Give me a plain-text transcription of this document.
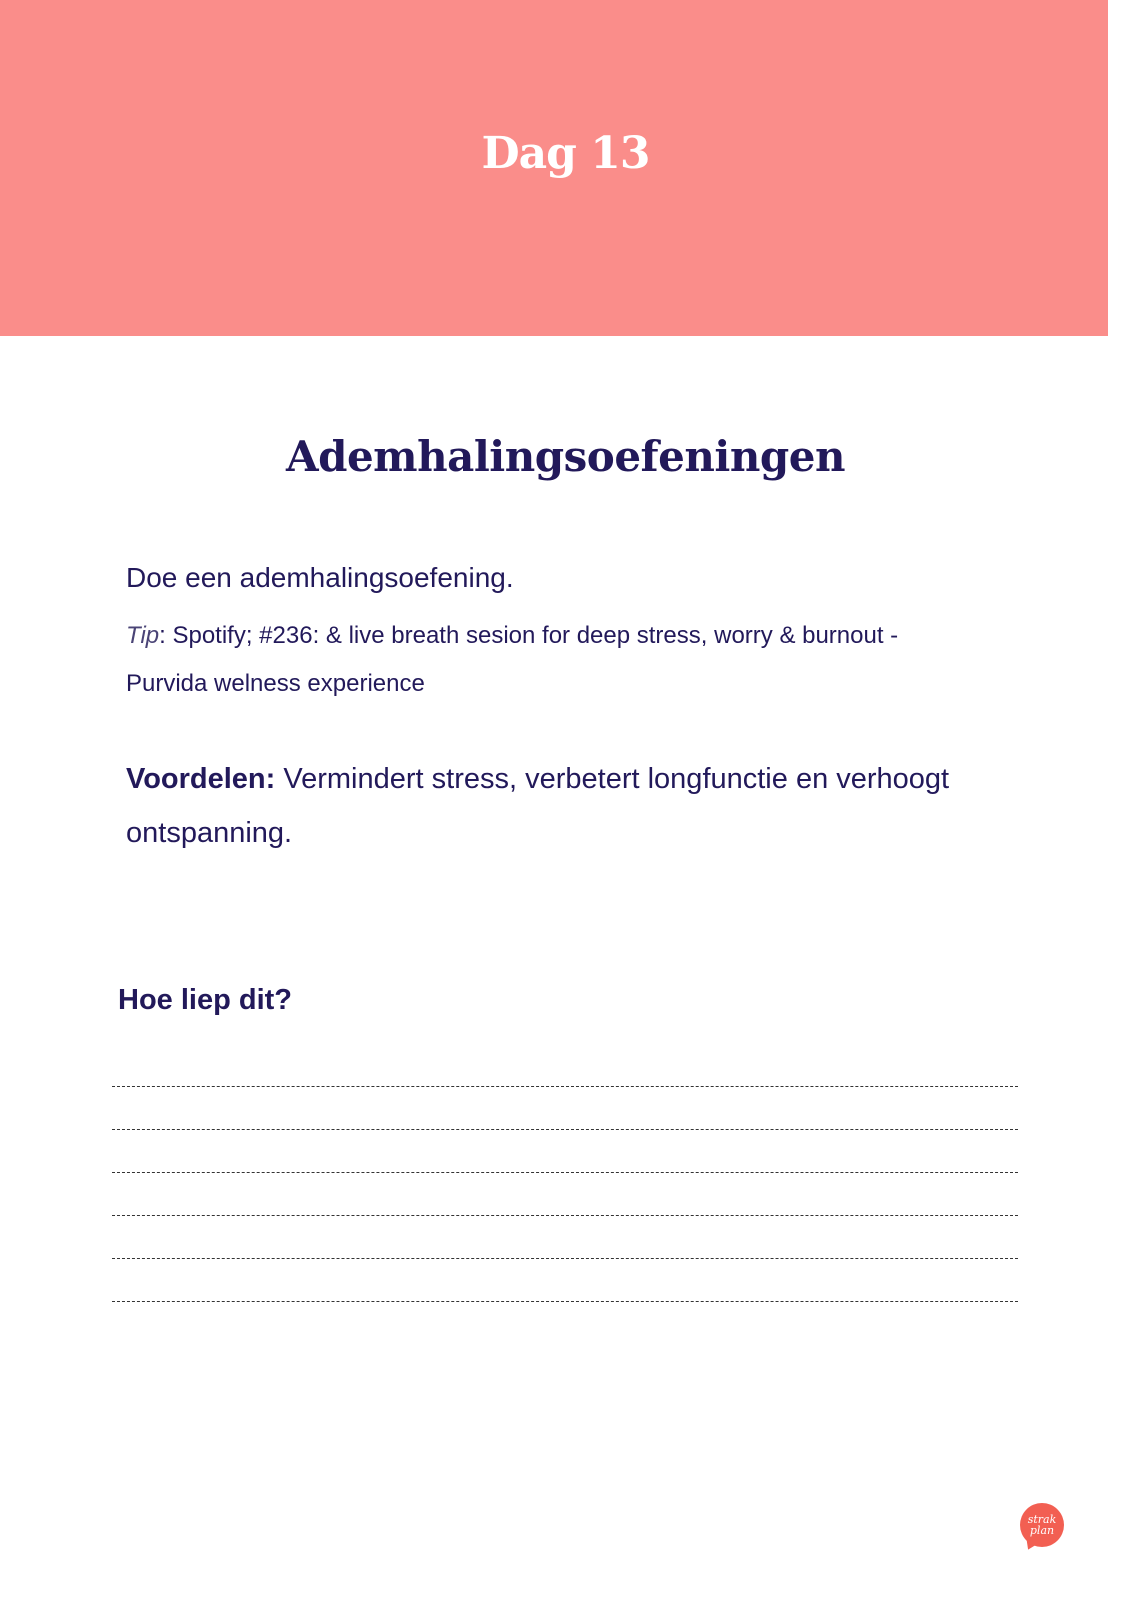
Dag 13
Ademhalingsoefeningen
Doe een ademhalingsoefening.
Tip: Spotify; #236: & live breath sesion for deep stress, worry & burnout - Purvida welness experience
Voordelen: Vermindert stress, verbetert longfunctie en verhoogt ontspanning.
Hoe liep dit?
strak
plan
